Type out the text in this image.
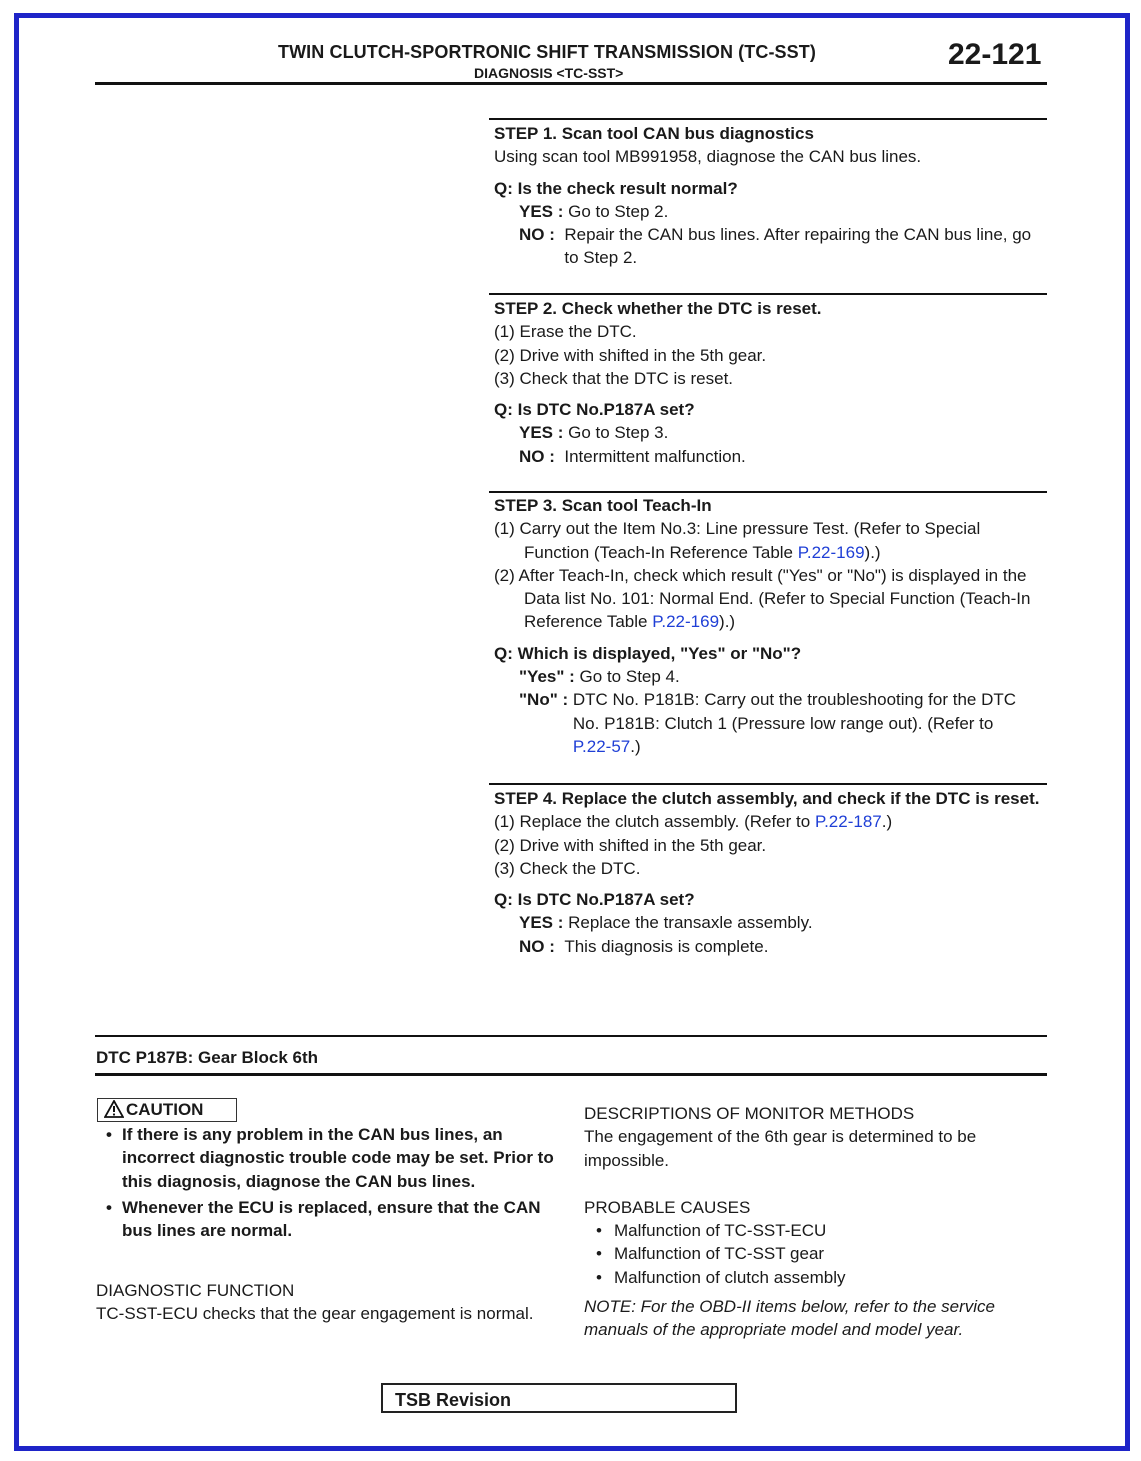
TWIN CLUTCH-SPORTRONIC SHIFT TRANSMISSION (TC-SST)
DIAGNOSIS <TC-SST>
22-121
STEP 1. Scan tool CAN bus diagnostics
Using scan tool MB991958, diagnose the CAN bus lines.
Q: Is the check result normal?
YES : Go to Step 2.
NO : Repair the CAN bus lines. After repairing the CAN bus line, go to Step 2.
STEP 2. Check whether the DTC is reset.
(1) Erase the DTC.
(2) Drive with shifted in the 5th gear.
(3) Check that the DTC is reset.
Q: Is DTC No.P187A set?
YES : Go to Step 3.
NO : Intermittent malfunction.
STEP 3. Scan tool Teach-In
(1) Carry out the Item No.3: Line pressure Test. (Refer to Special Function (Teach-In Reference Table P.22-169).)
(2) After Teach-In, check which result ("Yes" or "No") is displayed in the Data list No. 101: Normal End. (Refer to Special Function (Teach-In Reference Table P.22-169).)
Q: Which is displayed, "Yes" or "No"?
"Yes" : Go to Step 4.
"No" : DTC No. P181B: Carry out the troubleshooting for the DTC No. P181B: Clutch 1 (Pressure low range out). (Refer to P.22-57.)
STEP 4. Replace the clutch assembly, and check if the DTC is reset.
(1) Replace the clutch assembly. (Refer to P.22-187.)
(2) Drive with shifted in the 5th gear.
(3) Check the DTC.
Q: Is DTC No.P187A set?
YES : Replace the transaxle assembly.
NO : This diagnosis is complete.
DTC P187B: Gear Block 6th
CAUTION
• If there is any problem in the CAN bus lines, an incorrect diagnostic trouble code may be set. Prior to this diagnosis, diagnose the CAN bus lines.
• Whenever the ECU is replaced, ensure that the CAN bus lines are normal.
DIAGNOSTIC FUNCTION
TC-SST-ECU checks that the gear engagement is normal.
DESCRIPTIONS OF MONITOR METHODS
The engagement of the 6th gear is determined to be impossible.
PROBABLE CAUSES
• Malfunction of TC-SST-ECU
• Malfunction of TC-SST gear
• Malfunction of clutch assembly
NOTE: For the OBD-II items below, refer to the service manuals of the appropriate model and model year.
TSB Revision
